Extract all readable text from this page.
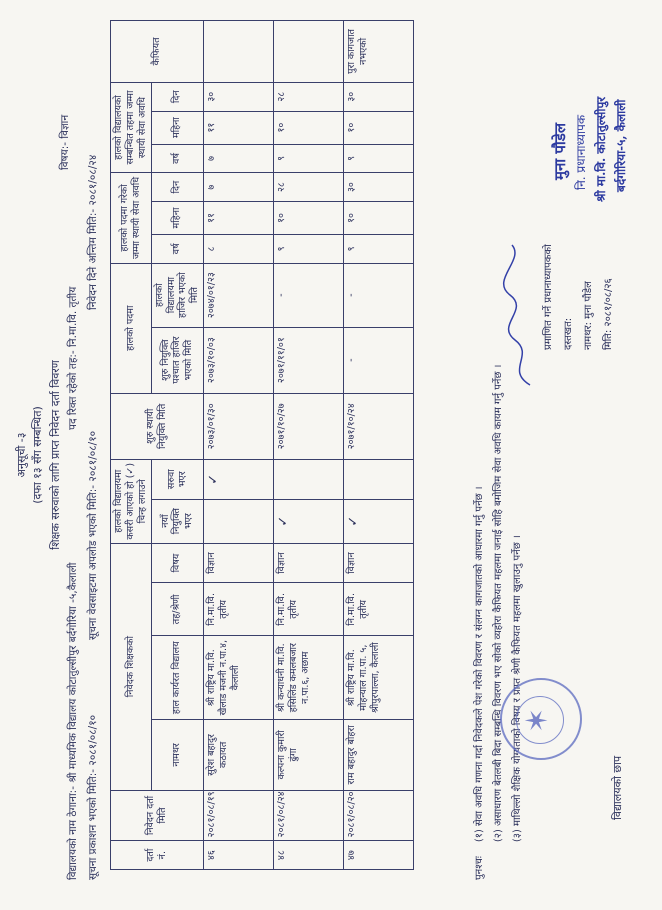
अनुसूची -३ (दफा १३ सँग सम्बन्धित) शिक्षक सरुवाको लागि प्राप्त निवेदन दर्ता विवरण
विद्यालयको नाम ठेगाना:- श्री माध्यमिक विद्यालय कोटातुल्सीपुर बर्दगोरिया -५,कैलाली
पद रिक्त रहेको तह:- नि.मा.वि. तृतीय
विषय:- विज्ञान
सूचना प्रकाशन भएको मिति:- २०८१/०८/१०
सूचना वेवसाइटमा अपलोड भएको मिति:- २०८१/०८/१०
निवेदन दिने अन्तिम मिति:- २०८१/०८/२४
दर्ता नं.	निवेदन दर्ता मिति	निवेदक शिक्षकको				हालको विद्यालयमा कसरी आएको हो (✓) चिन्ह लगाउने		शुरु स्थायी नियुक्ति मिति	हालको पदमा		हालको पदमा गरेको जम्मा स्थायी सेवा अवधि			हालको विद्यालयको सम्बन्धित तहमा जम्मा स्थायी सेवा अवधि			कैफियत
		नामथर	हाल कार्यरत विद्यालय	तह/श्रेणी	विषय	नयाँ नियुक्ति भएर	सरुवा भएर		शुरु नियुक्ति पश्चात हाजिर भएको मिति	हालको विद्यालयमा हाजिर भएको मिति	वर्ष	महिना	दिन	वर्ष	महिना	दिन	

४६	२०८१/०८/१९	सुरेश बहादुर कठायत	श्री राष्ट्रिय मा.वि. खैलाड मजनी न.पा.४, कैलाली	नि.मा.वि. तृतीय	विज्ञान		✓	२०७३/०१/३०	२०७३/१०/०३	२०७४/०१/२३	८	११	७	७	११	३०	
४८	२०८१/०८/२४	कल्पना कुमारी ढुंगा	श्री कन्याधनी मा.वि. हसिलिंड कमलबजार न.पा.६, अछाम	नि.मा.वि. तृतीय	विज्ञान	✓		२०७१/१०/२७	२०७१/११/०१	-	९	१०	२८	९	१०	२८	
४७	२०८१/०८/२०	राम बहादुर बोहरा	श्री राष्ट्रिय मा.वि. मोहन्याल गा.पा. ५, श्रीपुरपाल्ला, कैलाली	नि.मा.वि. तृतीय	विज्ञान	✓		२०७१/१०/२४	-	-	९	१०	३०	९	१०	३०	पुरा कागजात नभएको
पुनश्चः
(१) सेवा अवधि गणना गर्दा निवेदकले पेश गरेको विवरण र संलग्न कागजातको आधारमा गर्नु पर्नेछ । (२) असाधारण बेतलबी बिदा सम्बन्धि विवरण भए सोको व्यहोरा कैफियत महलमा जनाई सोहि बमोजिम सेवा अवधि कायम गर्नु पर्नेछ । (३) माथिल्लो शैक्षिक योग्यताको विषय र प्राप्त श्रेणी कैफियत महलमा खुलाउनु पर्नेछ ।
✶
विद्यालयको छाप
प्रमाणित गर्ने प्रधानाध्यापकको दस्तखत: नामथर: मुना पौडेल मिति: २०८१/०८/२६
मुना पौडेल नि. प्रधानाध्यापक श्री मा.वि. कोटातुल्सीपुर बर्दगोरिया-५, कैलाली
